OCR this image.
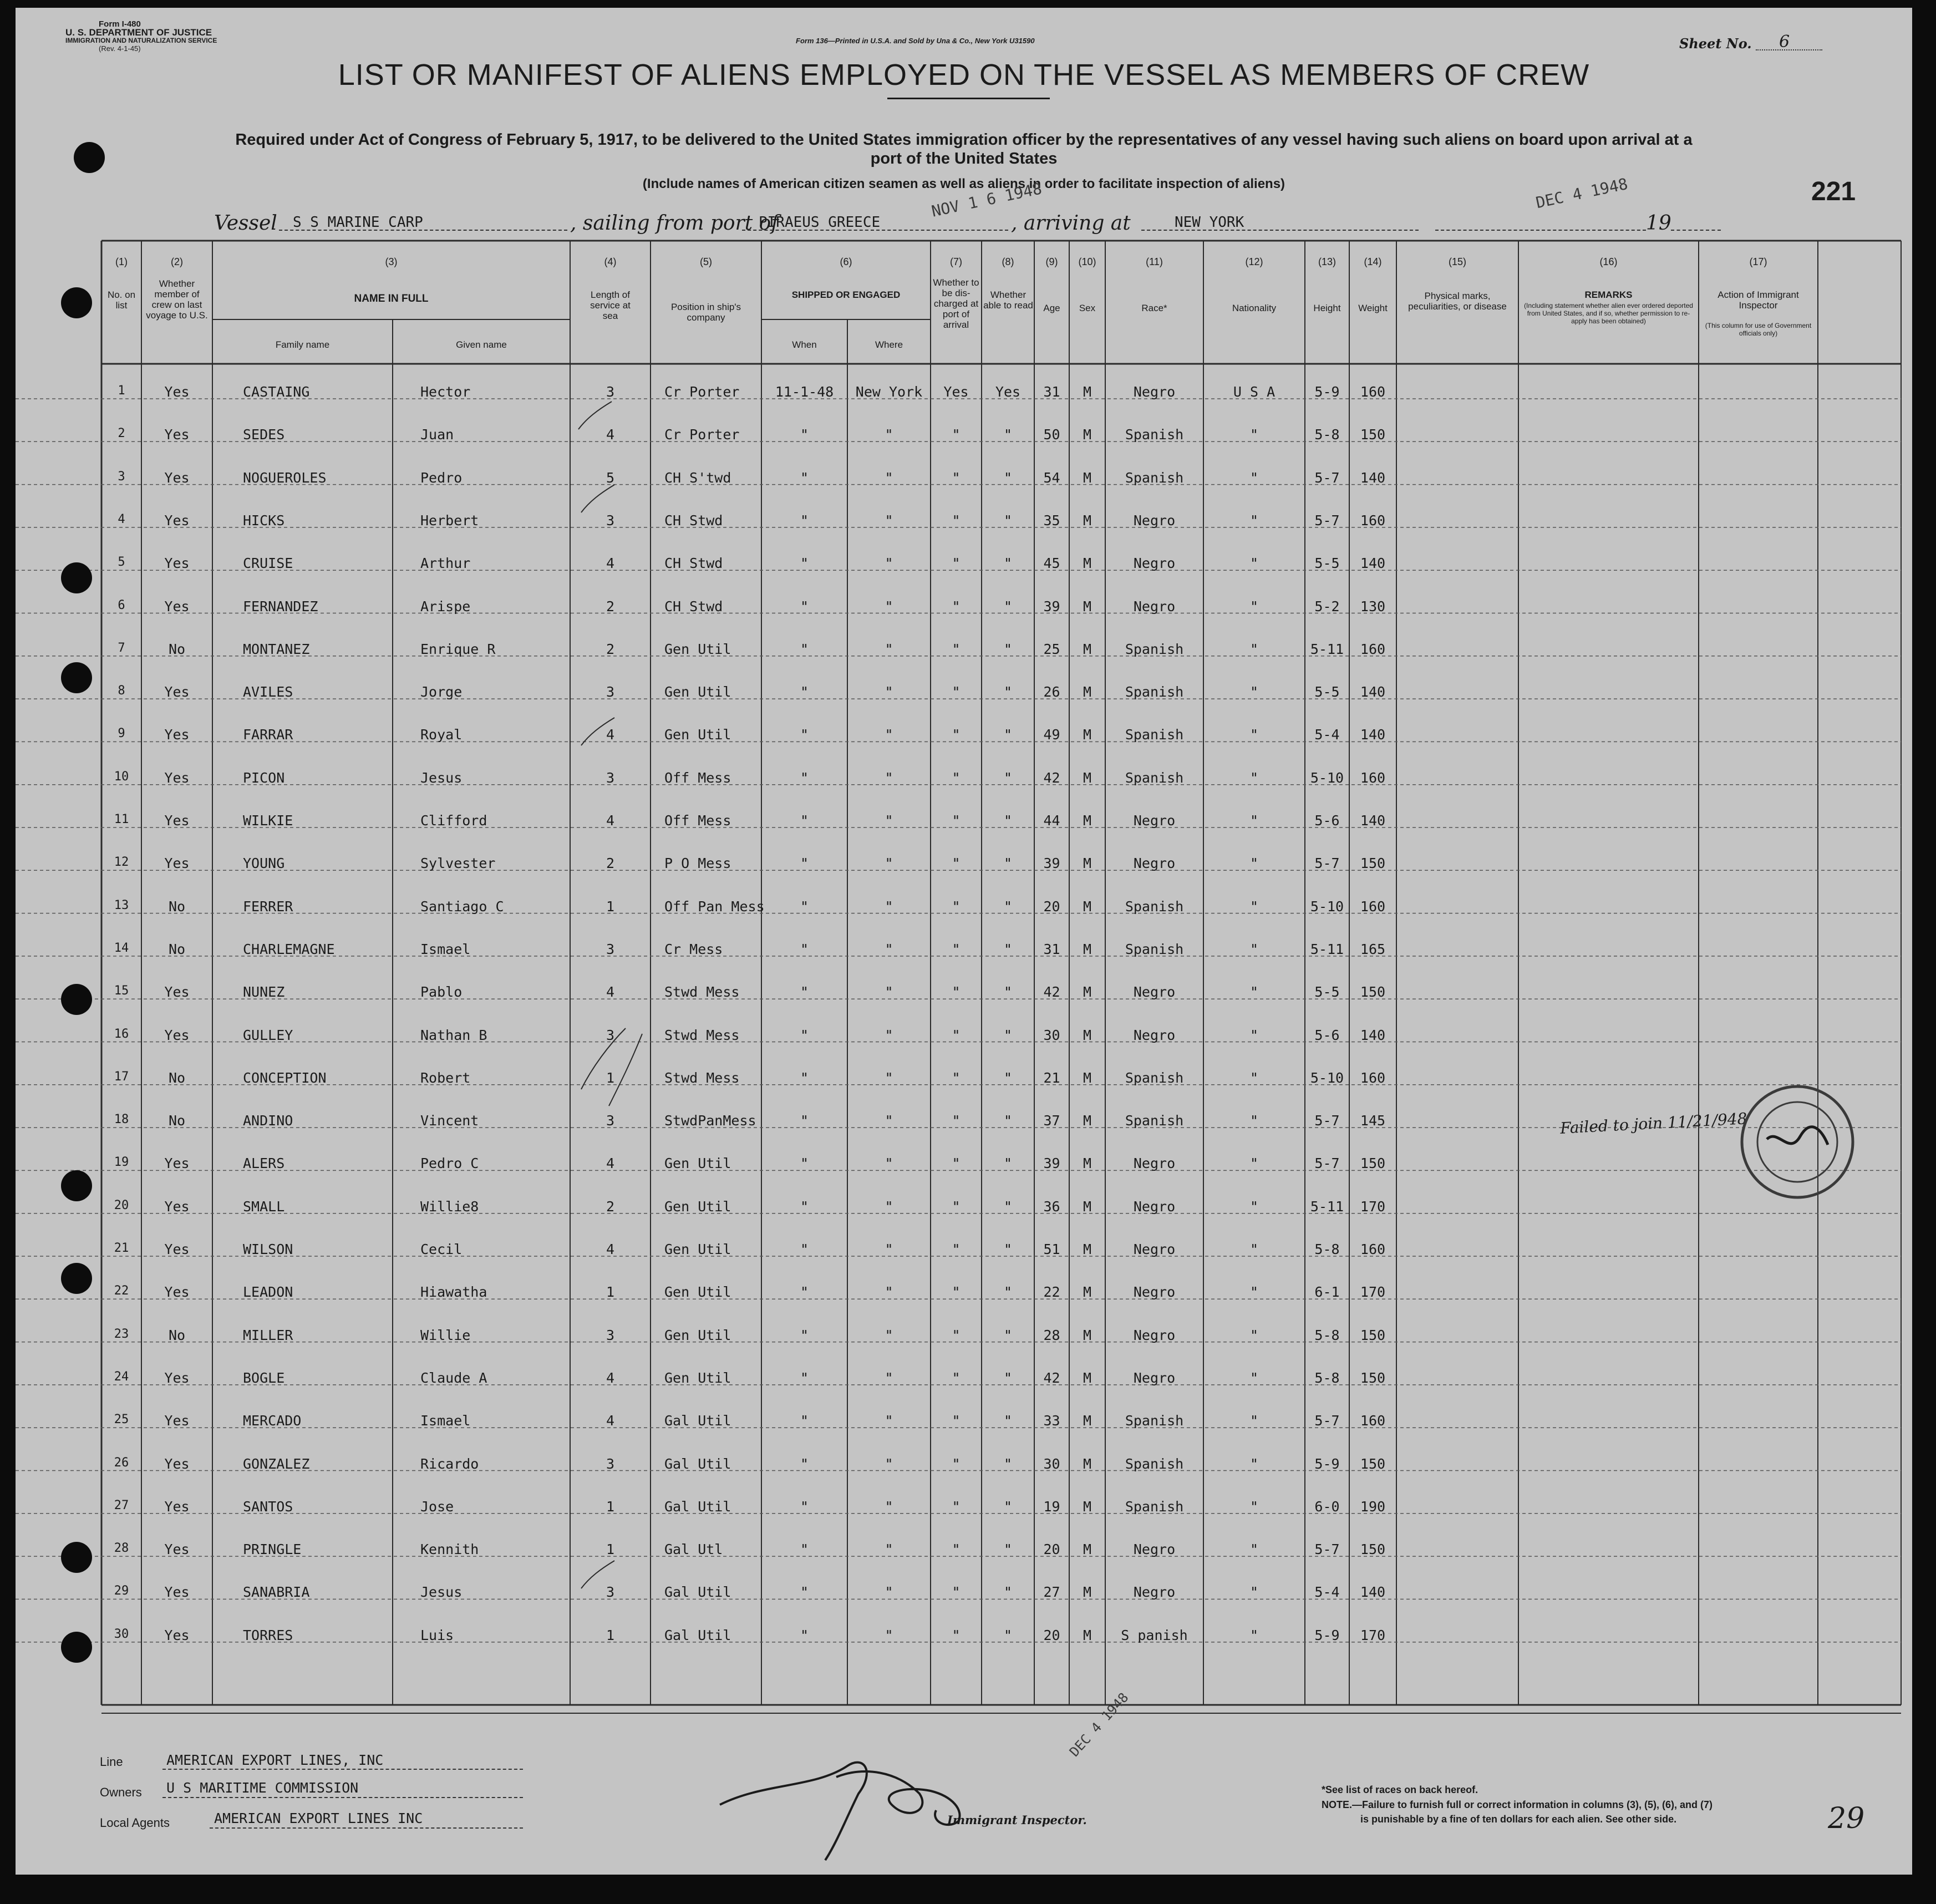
Form I-480
U. S. DEPARTMENT OF JUSTICE
IMMIGRATION AND NATURALIZATION SERVICE
(Rev. 4-1-45)
Form 136—Printed in U.S.A. and Sold by Una & Co., New York U31590	Sheet No. 6
LIST OR MANIFEST OF ALIENS EMPLOYED ON THE VESSEL AS MEMBERS OF CREW
Required under Act of Congress of February 5, 1917, to be delivered to the United States immigration officer by the representatives of any vessel having such aliens on board upon arrival at a
port of the United States
(Include names of American citizen seamen as well as aliens in order to facilitate inspection of aliens)	221
Vessel S S MARINE CARP	, sailing from port of
PIRAEUS GREECE
NOV 1 6 1948
, arriving at	NEW YORK
DEC 4 1948
19
(1)
No. on list
(2)
Whether member of crew on last voyage to U.S.
(3)
NAME IN FULL
Family name	Given name
(4)
Length of service at sea
(5)
Position in ship's company
(6)
SHIPPED OR ENGAGED
When	Where
(7)
Whether to be dis-charged at port of arrival
(8)
Whether able to read
(9)
Age
(10)
Sex
(11)
Race*
(12)
Nationality
(13)
Height
(14)
Weight
(15)
Physical marks, peculiarities, or disease
(16)
REMARKS
(Including statement whether alien ever ordered deported from United States, and if so, whether permission to re-apply has been obtained)
(17)
Action of Immigrant Inspector
(This column for use of Government officials only)
1	Yes	CASTAING	Hector	3	Cr Porter	11-1-48	New York	Yes	Yes	31	M	Negro	U S A	5-9	160
2	Yes	SEDES	Juan	4	Cr Porter	"	"	"	"	50	M	Spanish	"	5-8	150
3	Yes	NOGUEROLES	Pedro	5	CH S'twd	"	"	"	"	54	M	Spanish	"	5-7	140
4	Yes	HICKS	Herbert	3	CH Stwd	"	"	"	"	35	M	Negro	"	5-7	160
5	Yes	CRUISE	Arthur	4	CH Stwd	"	"	"	"	45	M	Negro	"	5-5	140
6	Yes	FERNANDEZ	Arispe	2	CH Stwd	"	"	"	"	39	M	Negro	"	5-2	130
7	No	MONTANEZ	Enrique R	2	Gen Util	"	"	"	"	25	M	Spanish	"	5-11	160
8	Yes	AVILES	Jorge	3	Gen Util	"	"	"	"	26	M	Spanish	"	5-5	140
9	Yes	FARRAR	Royal	4	Gen Util	"	"	"	"	49	M	Spanish	"	5-4	140
10	Yes	PICON	Jesus	3	Off Mess	"	"	"	"	42	M	Spanish	"	5-10	160
11	Yes	WILKIE	Clifford	4	Off Mess	"	"	"	"	44	M	Negro	"	5-6	140
12	Yes	YOUNG	Sylvester	2	P O Mess	"	"	"	"	39	M	Negro	"	5-7	150
13	No	FERRER	Santiago C	1	Off Pan Mess	"	"	"	"	20	M	Spanish	"	5-10	160
14	No	CHARLEMAGNE	Ismael	3	Cr Mess	"	"	"	"	31	M	Spanish	"	5-11	165
15	Yes	NUNEZ	Pablo	4	Stwd Mess	"	"	"	"	42	M	Negro	"	5-5	150
16	Yes	GULLEY	Nathan B	3	Stwd Mess	"	"	"	"	30	M	Negro	"	5-6	140
17	No	CONCEPTION	Robert	1	Stwd Mess	"	"	"	"	21	M	Spanish	"	5-10	160
18	No	ANDINO	Vincent	3	StwdPanMess	"	"	"	"	37	M	Spanish	"	5-7	145
19	Yes	ALERS	Pedro C	4	Gen Util	"	"	"	"	39	M	Negro	"	5-7	150
20	Yes	SMALL	Willie8	2	Gen Util	"	"	"	"	36	M	Negro	"	5-11	170
21	Yes	WILSON	Cecil	4	Gen Util	"	"	"	"	51	M	Negro	"	5-8	160
22	Yes	LEADON	Hiawatha	1	Gen Util	"	"	"	"	22	M	Negro	"	6-1	170
23	No	MILLER	Willie	3	Gen Util	"	"	"	"	28	M	Negro	"	5-8	150
24	Yes	BOGLE	Claude A	4	Gen Util	"	"	"	"	42	M	Negro	"	5-8	150
25	Yes	MERCADO	Ismael	4	Gal Util	"	"	"	"	33	M	Spanish	"	5-7	160
26	Yes	GONZALEZ	Ricardo	3	Gal Util	"	"	"	"	30	M	Spanish	"	5-9	150
27	Yes	SANTOS	Jose	1	Gal Util	"	"	"	"	19	M	Spanish	"	6-0	190
28	Yes	PRINGLE	Kennith	1	Gal Utl	"	"	"	"	20	M	Negro	"	5-7	150
29	Yes	SANABRIA	Jesus	3	Gal Util	"	"	"	"	27	M	Negro	"	5-4	140
30	Yes	TORRES	Luis	1	Gal Util	"	"	"	"	20	M	S panish	"	5-9	170
Failed to join 11/21/948
Line	AMERICAN EXPORT LINES, INC
Owners U S MARITIME COMMISSION
Local Agents	AMERICAN EXPORT LINES INC	Immigrant Inspector.
DEC 4 1948
*See list of races on back hereof.
NOTE.—Failure to furnish full or correct information in columns (3), (5), (6), and (7)
is punishable by a fine of ten dollars for each alien. See other side.	29
